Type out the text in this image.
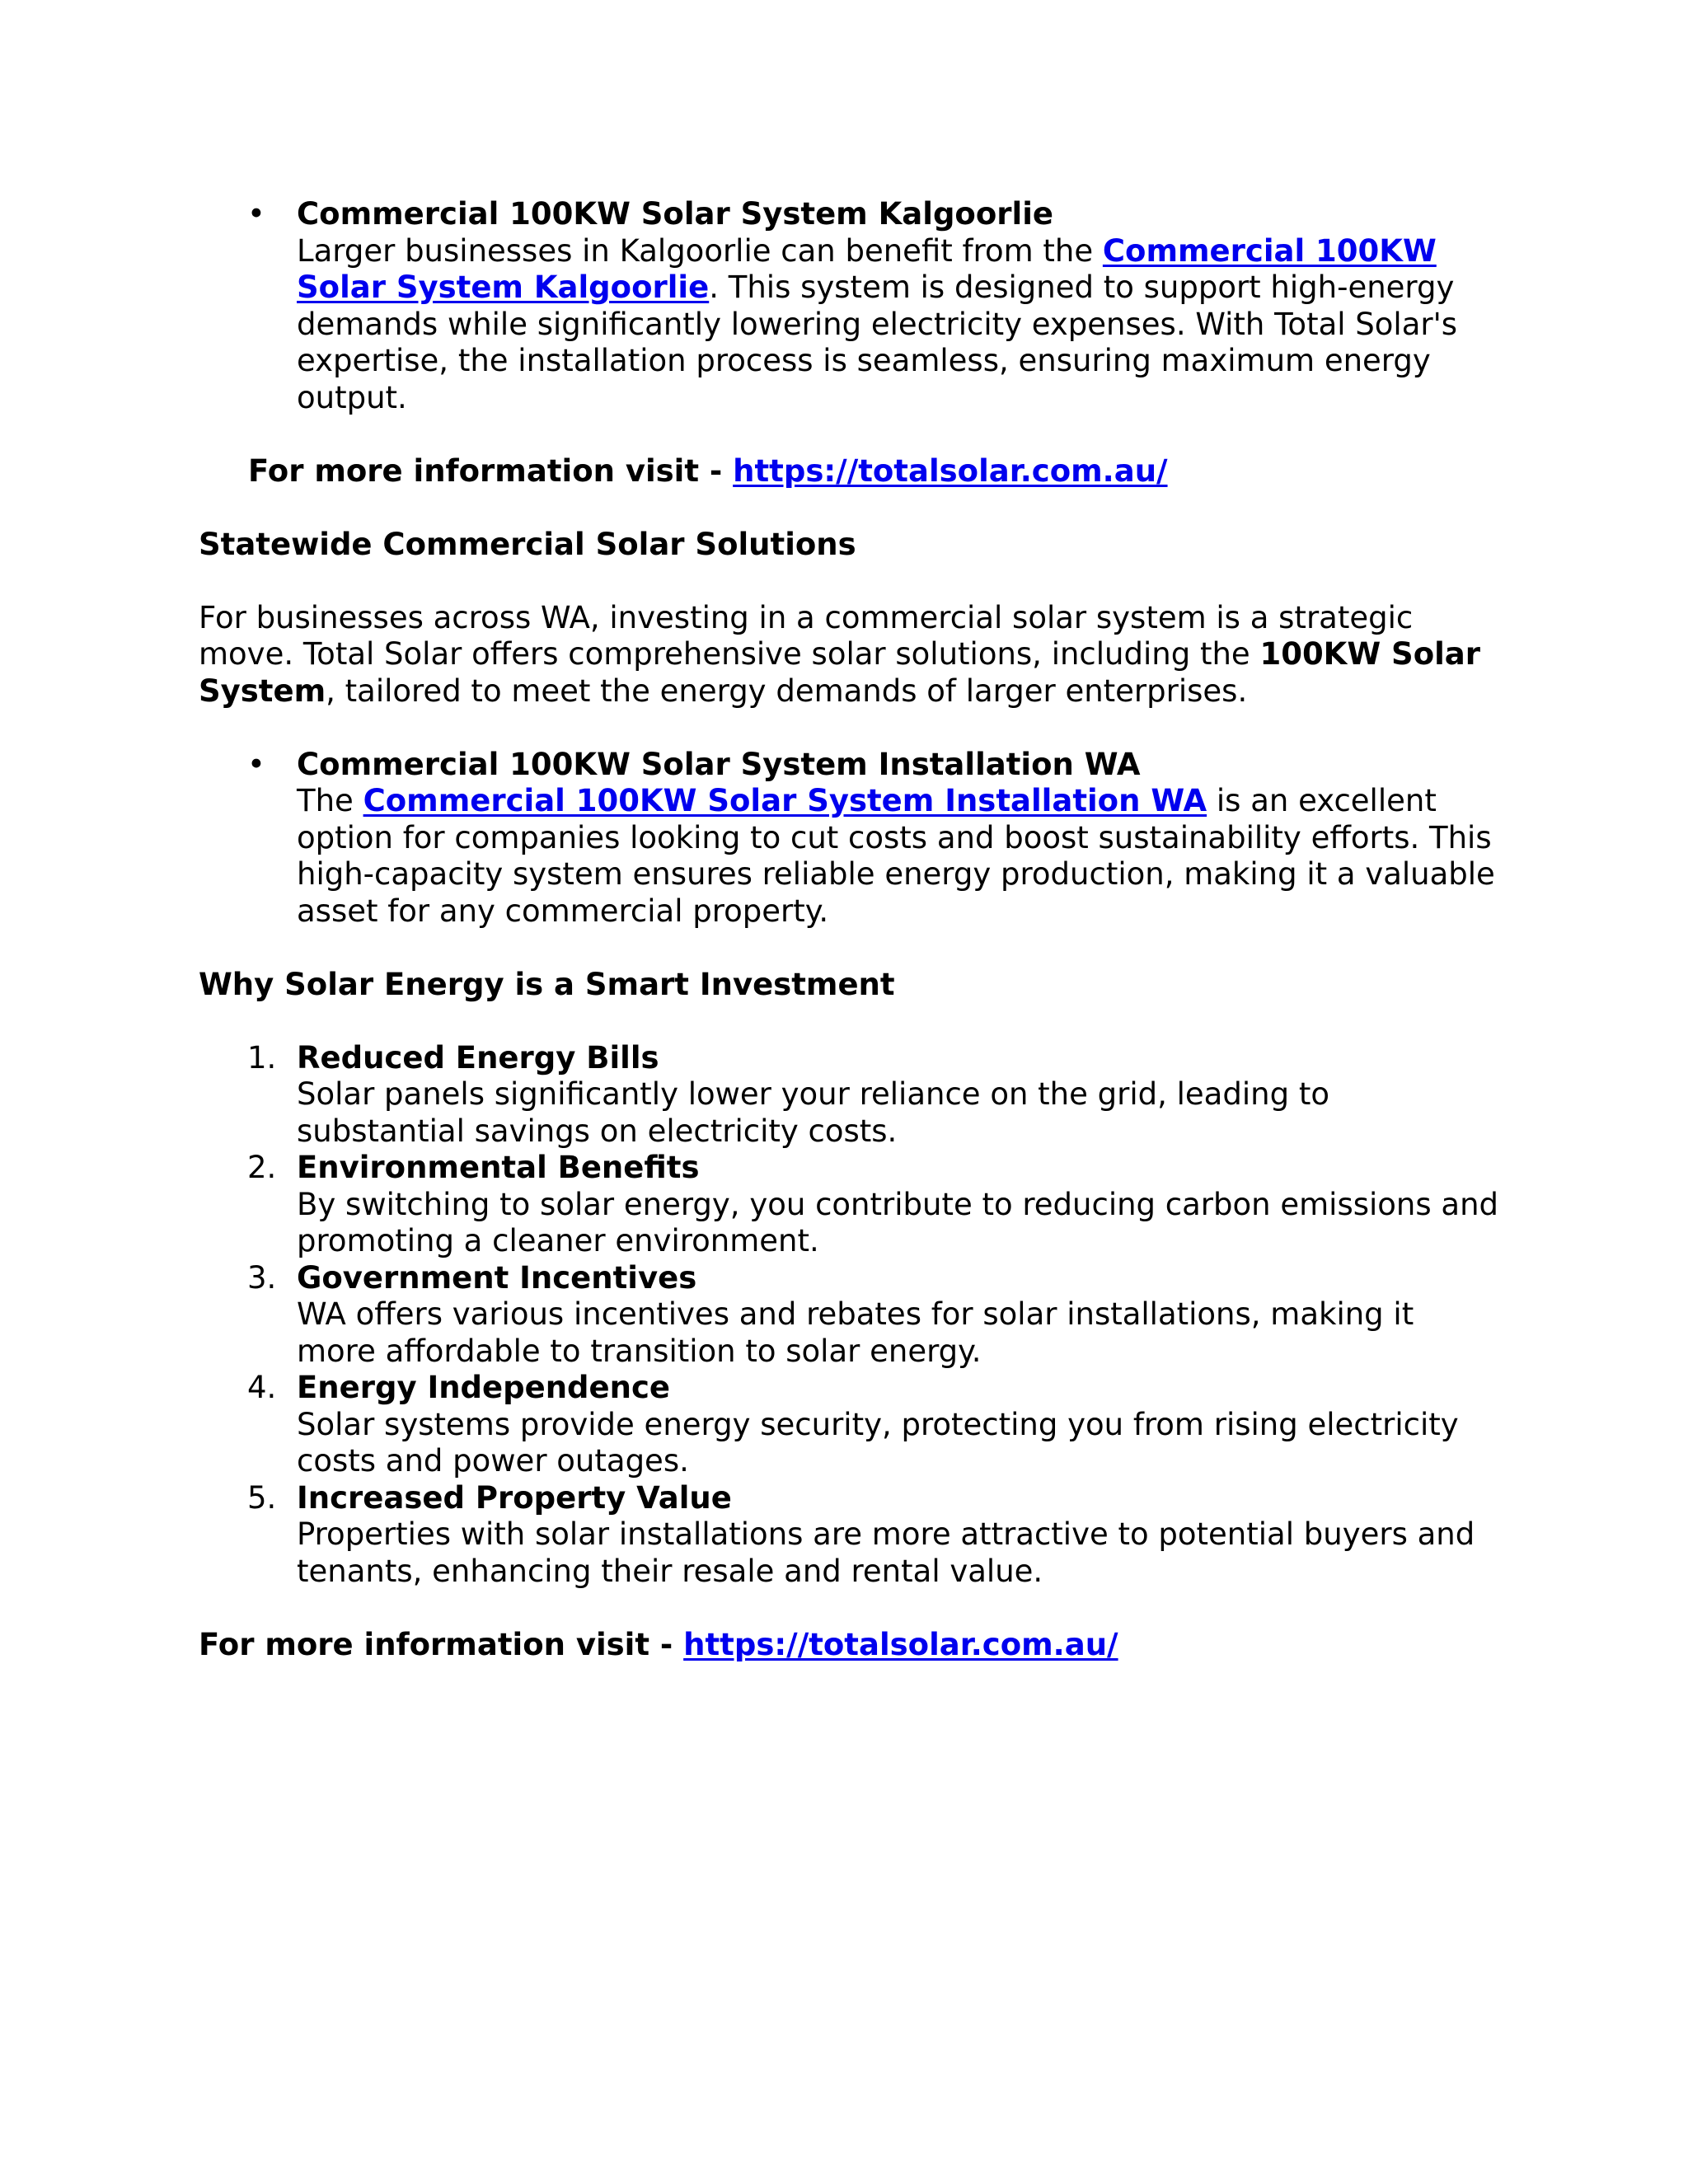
• Commercial 100KW Solar System Kalgoorlie
Larger businesses in Kalgoorlie can benefit from the Commercial 100KW Solar System Kalgoorlie. This system is designed to support high-energy demands while significantly lowering electricity expenses. With Total Solar's expertise, the installation process is seamless, ensuring maximum energy output.
For more information visit - https://totalsolar.com.au/
Statewide Commercial Solar Solutions
For businesses across WA, investing in a commercial solar system is a strategic move. Total Solar offers comprehensive solar solutions, including the 100KW Solar System, tailored to meet the energy demands of larger enterprises.
• Commercial 100KW Solar System Installation WA
The Commercial 100KW Solar System Installation WA is an excellent option for companies looking to cut costs and boost sustainability efforts. This high-capacity system ensures reliable energy production, making it a valuable asset for any commercial property.
Why Solar Energy is a Smart Investment
1. Reduced Energy Bills
Solar panels significantly lower your reliance on the grid, leading to substantial savings on electricity costs.
2. Environmental Benefits
By switching to solar energy, you contribute to reducing carbon emissions and promoting a cleaner environment.
3. Government Incentives
WA offers various incentives and rebates for solar installations, making it more affordable to transition to solar energy.
4. Energy Independence
Solar systems provide energy security, protecting you from rising electricity costs and power outages.
5. Increased Property Value
Properties with solar installations are more attractive to potential buyers and tenants, enhancing their resale and rental value.
For more information visit - https://totalsolar.com.au/
